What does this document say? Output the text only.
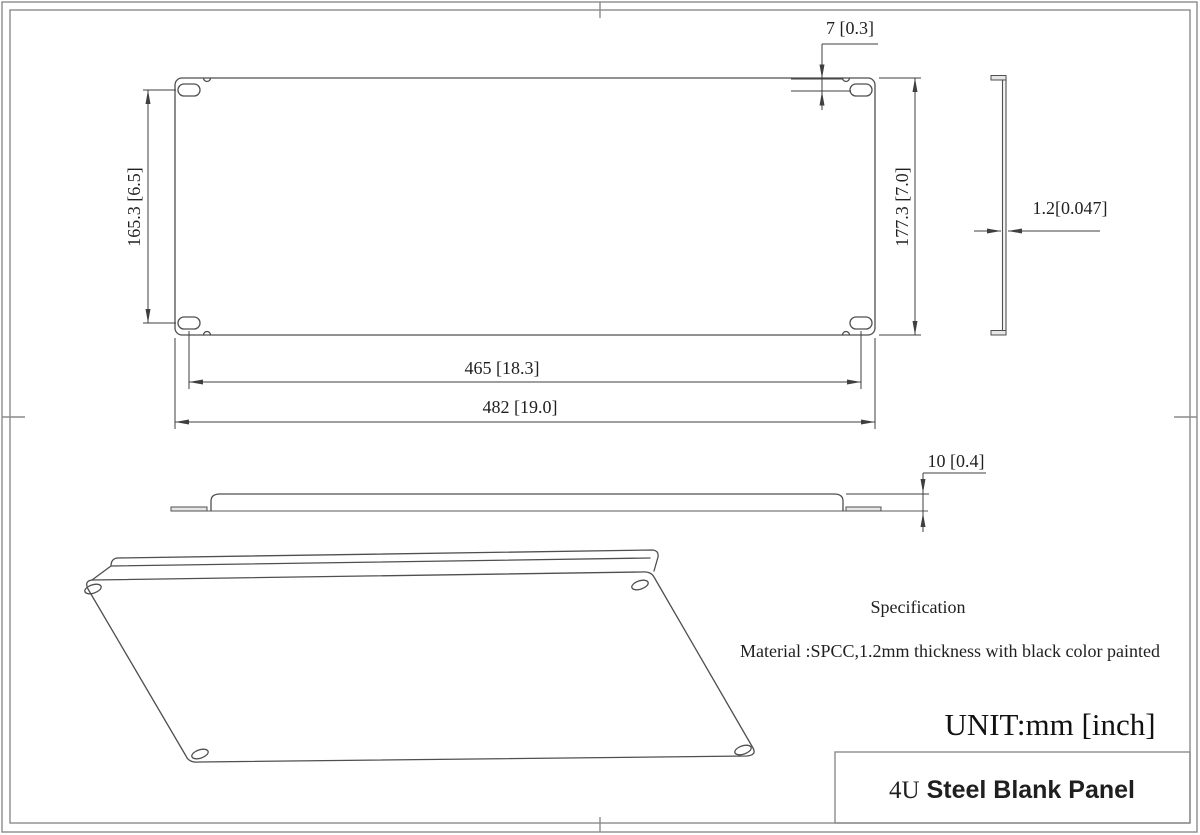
165.3 [6.5]	177.3 [7.0]
7 [0.3]
465 [18.3]
482 [19.0]
1.2[0.047]
10 [0.4]
Specification
Material :SPCC,1.2mm thickness with black color painted
UNIT:mm [inch]
4U Steel Blank Panel
